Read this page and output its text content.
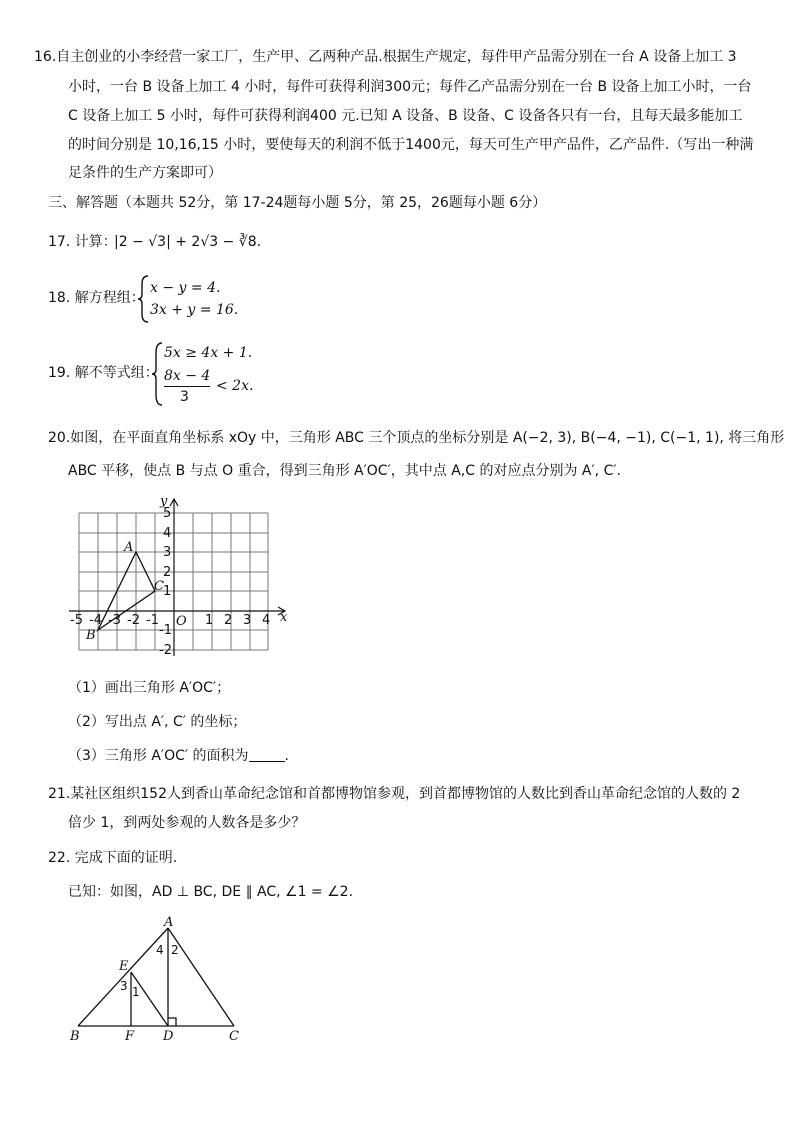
16.自主创业的小李经营一家工厂，生产甲、乙两种产品.根据生产规定，每件甲产品需分别在一台 A 设备上加工 3
小时，一台 B 设备上加工 4 小时，每件可获得利润300元；每件乙产品需分别在一台 B 设备上加工小时，一台
C 设备上加工 5 小时，每件可获得利润400 元.已知 A 设备、B 设备、C 设备各只有一台，且每天最多能加工
的时间分别是 10,16,15 小时，要使每天的利润不低于1400元，每天可生产甲产品件，乙产品件.（写出一种满
足条件的生产方案即可）
三、解答题（本题共 52分，第 17-24题每小题 5分，第 25，26题每小题 6分）
17. 计算：
|2 − √3| + 2√3 − ∛8.
18. 解方程组：
x − y = 4.
3x + y = 16.
19. 解不等式组：
5x ≥ 4x + 1.
8x − 4
3
< 2x.
20.如图，在平面直角坐标系 xOy 中，三角形 ABC 三个顶点的坐标分别是 A(−2, 3), B(−4, −1), C(−1, 1), 将三角形
ABC 平移，使点 B 与点 O 重合，得到三角形 A′OC′，其中点 A,C 的对应点分别为 A′, C′.
y
x
O
5
4
3
2
1
-1
-2
-5 -4 -3 -2 -1	1 2 3 4
A
B
C
（1）画出三角形 A′OC′；
（2）写出点 A′, C′ 的坐标；
（3）三角形 A′OC′ 的面积为	.
21.某社区组织152人到香山革命纪念馆和首都博物馆参观，到首都博物馆的人数比到香山革命纪念馆的人数的 2
倍少 1，到两处参观的人数各是多少？
22. 完成下面的证明.
已知：如图，AD ⊥ BC, DE ∥ AC, ∠1 = ∠2.
A
4 2
E
3 1
B	F D	C
